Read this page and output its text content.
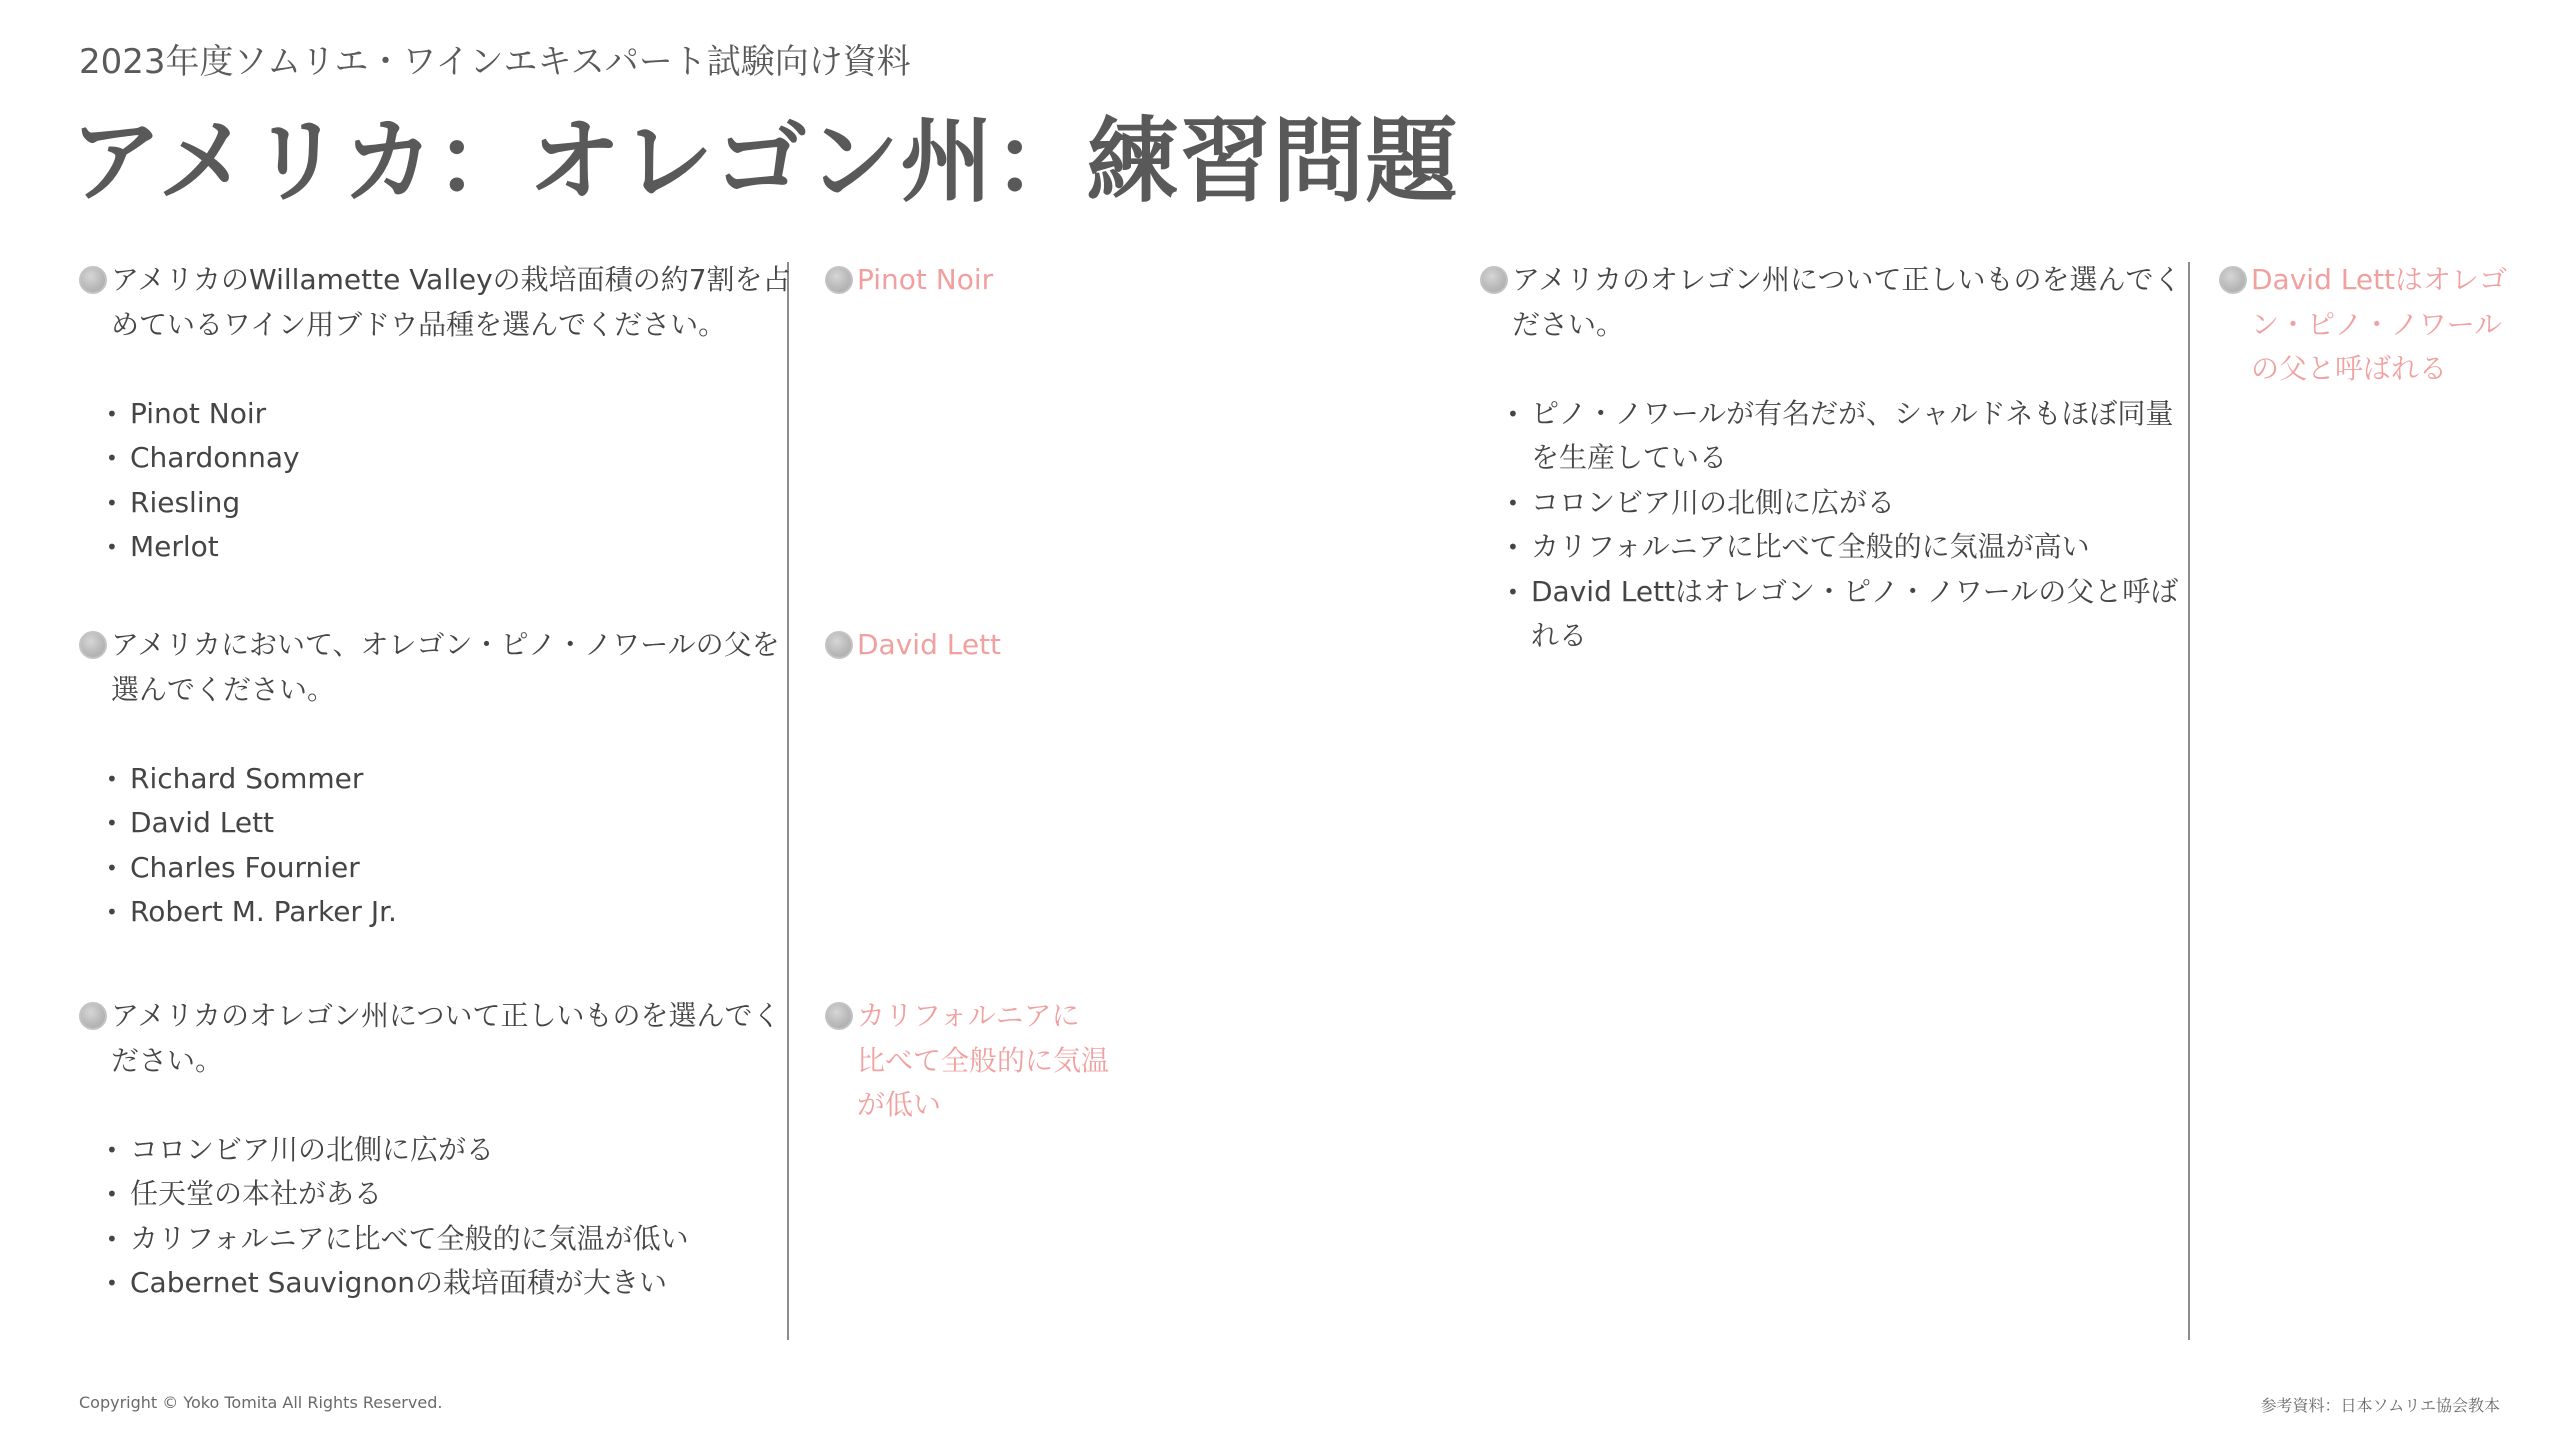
2023年度ソムリエ・ワインエキスパート試験向け資料
アメリカ：オレゴン州：練習問題
アメリカのWillamette Valleyの栽培面積の約7割を占
めているワイン用ブドウ品種を選んでください。
• Pinot Noir
• Chardonnay
• Riesling
• Merlot
Pinot Noir
アメリカにおいて、オレゴン・ピノ・ノワールの父を
選んでください。
• Richard Sommer
• David Lett
• Charles Fournier
• Robert M. Parker Jr.
David Lett
アメリカのオレゴン州について正しいものを選んでく
ださい。
• コロンビア川の北側に広がる
• 任天堂の本社がある
• カリフォルニアに比べて全般的に気温が低い
• Cabernet Sauvignonの栽培面積が大きい
カリフォルニアに
比べて全般的に気温
が低い
アメリカのオレゴン州について正しいものを選んでく
ださい。
• ピノ・ノワールが有名だが、シャルドネもほぼ同量
を生産している
• コロンビア川の北側に広がる
• カリフォルニアに比べて全般的に気温が高い
• David Lettはオレゴン・ピノ・ノワールの父と呼ば
れる
David Lettはオレゴ
ン・ピノ・ノワール
の父と呼ばれる
Copyright © Yoko Tomita All Rights Reserved.	参考資料：日本ソムリエ協会教本
